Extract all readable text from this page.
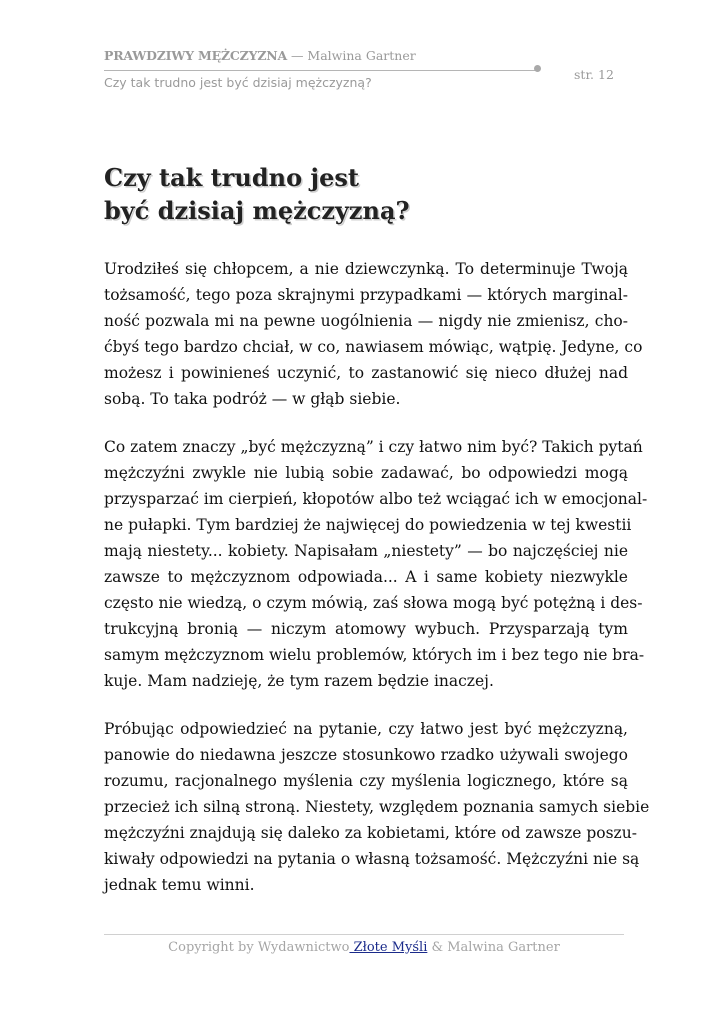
PRAWDZIWY MĘŻCZYZNA — Malwina Gartner
str. 12
Czy tak trudno jest być dzisiaj mężczyzną?
Czy tak trudno jest
być dzisiaj mężczyzną?

Urodziłeś się chłopcem, a nie dziewczynką. To determinuje Twoją
tożsamość, tego poza skrajnymi przypadkami — których marginal-
ność pozwala mi na pewne uogólnienia — nigdy nie zmienisz, cho-
ćbyś tego bardzo chciał, w co, nawiasem mówiąc, wątpię. Jedyne, co
możesz i powinieneś uczynić, to zastanowić się nieco dłużej nad
sobą. To taka podróż — w głąb siebie.

Co zatem znaczy „być mężczyzną” i czy łatwo nim być? Takich pytań
mężczyźni zwykle nie lubią sobie zadawać, bo odpowiedzi mogą
przysparzać im cierpień, kłopotów albo też wciągać ich w emocjonal-
ne pułapki. Tym bardziej że najwięcej do powiedzenia w tej kwestii
mają niestety... kobiety. Napisałam „niestety” — bo najczęściej nie
zawsze to mężczyznom odpowiada... A i same kobiety niezwykle
często nie wiedzą, o czym mówią, zaś słowa mogą być potężną i des-
trukcyjną bronią — niczym atomowy wybuch. Przysparzają tym
samym mężczyznom wielu problemów, których im i bez tego nie bra-
kuje. Mam nadzieję, że tym razem będzie inaczej.

Próbując odpowiedzieć na pytanie, czy łatwo jest być mężczyzną,
panowie do niedawna jeszcze stosunkowo rzadko używali swojego
rozumu, racjonalnego myślenia czy myślenia logicznego, które są
przecież ich silną stroną. Niestety, względem poznania samych siebie
mężczyźni znajdują się daleko za kobietami, które od zawsze poszu-
kiwały odpowiedzi na pytania o własną tożsamość. Mężczyźni nie są
jednak temu winni.

Copyright by Wydawnictwo Złote Myśli & Malwina Gartner
